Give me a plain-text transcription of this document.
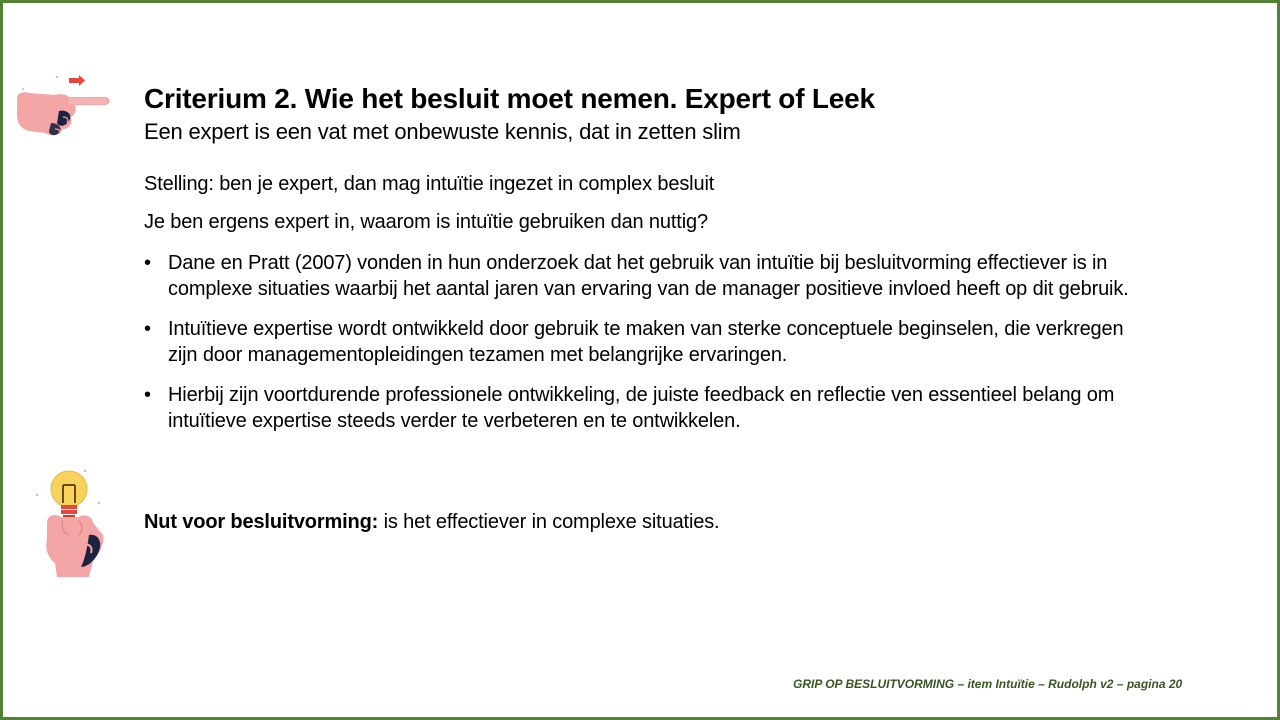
Criterium 2. Wie het besluit moet nemen. Expert of Leek
Een expert is een vat met onbewuste kennis, dat in zetten slim
Stelling: ben je expert, dan mag intuïtie ingezet in complex besluit
Je ben ergens expert in, waarom is intuïtie gebruiken dan nuttig?
• Dane en Pratt (2007) vonden in hun onderzoek dat het gebruik van intuïtie bij besluitvorming effectiever is in complexe situaties waarbij het aantal jaren van ervaring van de manager positieve invloed heeft op dit gebruik.
• Intuïtieve expertise wordt ontwikkeld door gebruik te maken van sterke conceptuele beginselen, die verkregen zijn door managementopleidingen tezamen met belangrijke ervaringen.
• Hierbij zijn voortdurende professionele ontwikkeling, de juiste feedback en reflectie ven essentieel belang om intuïtieve expertise steeds verder te verbeteren en te ontwikkelen.
Nut voor besluitvorming: is het effectiever in complexe situaties.
GRIP OP BESLUITVORMING – item Intuïtie – Rudolph v2 – pagina 20
